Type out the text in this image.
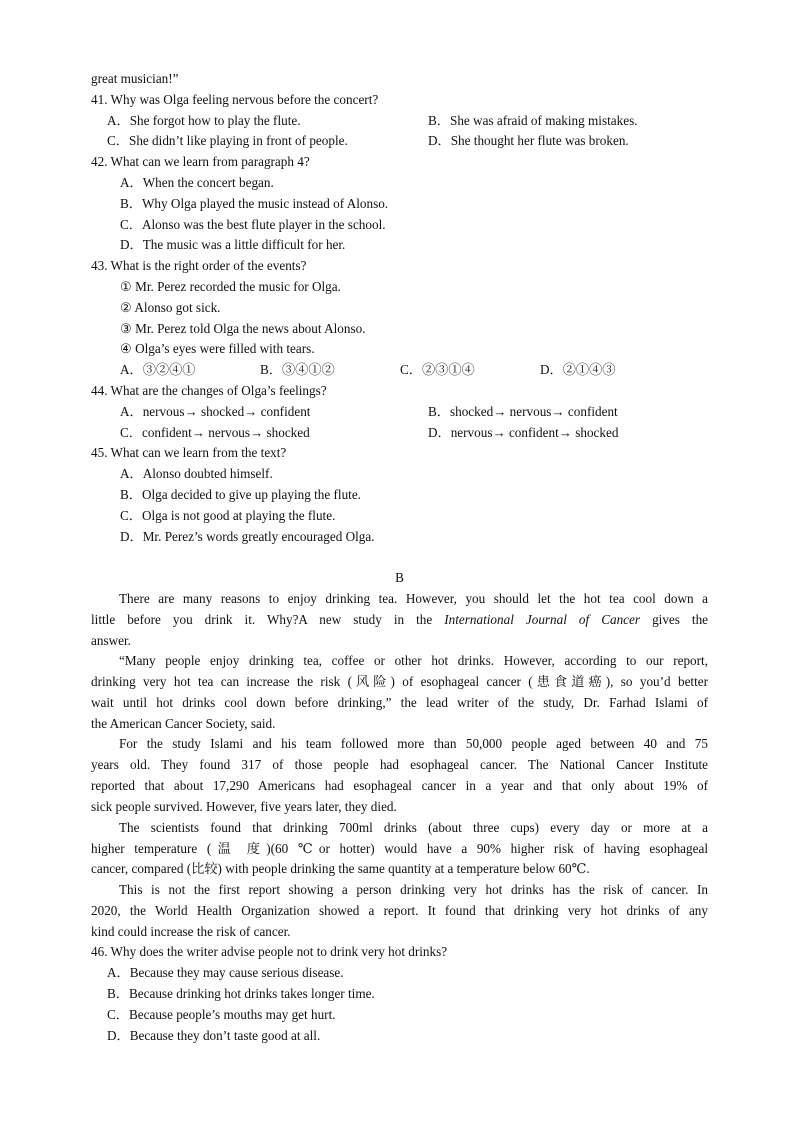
great musician!”
41. Why was Olga feeling nervous before the concert?
A．She forgot how to play the flute.	B．She was afraid of making mistakes.
C．She didn’t like playing in front of people.	D．She thought her flute was broken.
42. What can we learn from paragraph 4?
A．When the concert began.
B．Why Olga played the music instead of Alonso.
C．Alonso was the best flute player in the school.
D．The music was a little difficult for her.
43. What is the right order of the events?
① Mr. Perez recorded the music for Olga.
② Alonso got sick.
③ Mr. Perez told Olga the news about Alonso.
④ Olga’s eyes were filled with tears.
A．③②④①	B．③④①②	C．②③①④	D．②①④③
44. What are the changes of Olga’s feelings?
A．nervous→ shocked→ confident	B．shocked→ nervous→ confident
C．confident→ nervous→ shocked	D．nervous→ confident→ shocked
45. What can we learn from the text?
A．Alonso doubted himself.
B．Olga decided to give up playing the flute.
C．Olga is not good at playing the flute.
D．Mr. Perez’s words greatly encouraged Olga.
B
There are many reasons to enjoy drinking tea. However, you should let the hot tea cool down a
little before you drink it. Why?A new study in the International Journal of Cancer gives the
answer.
“Many people enjoy drinking tea, coffee or other hot drinks. However, according to our report,
drinking very hot tea can increase the risk (风险) of esophageal cancer (患食道癌), so you’d better
wait until hot drinks cool down before drinking,” the lead writer of the study, Dr. Farhad Islami of
the American Cancer Society, said.
For the study Islami and his team followed more than 50,000 people aged between 40 and 75
years old. They found 317 of those people had esophageal cancer. The National Cancer Institute
reported that about 17,290 Americans had esophageal cancer in a year and that only about 19% of
sick people survived. However, five years later, they died.
The scientists found that drinking 700ml drinks (about three cups) every day or more at a
higher temperature (温 度)(60 ℃or hotter) would have a 90% higher risk of having esophageal
cancer, compared (比较) with people drinking the same quantity at a temperature below 60℃.
This is not the first report showing a person drinking very hot drinks has the risk of cancer. In
2020, the World Health Organization showed a report. It found that drinking very hot drinks of any
kind could increase the risk of cancer.
46. Why does the writer advise people not to drink very hot drinks?
A．Because they may cause serious disease.
B．Because drinking hot drinks takes longer time.
C．Because people’s mouths may get hurt.
D．Because they don’t taste good at all.
